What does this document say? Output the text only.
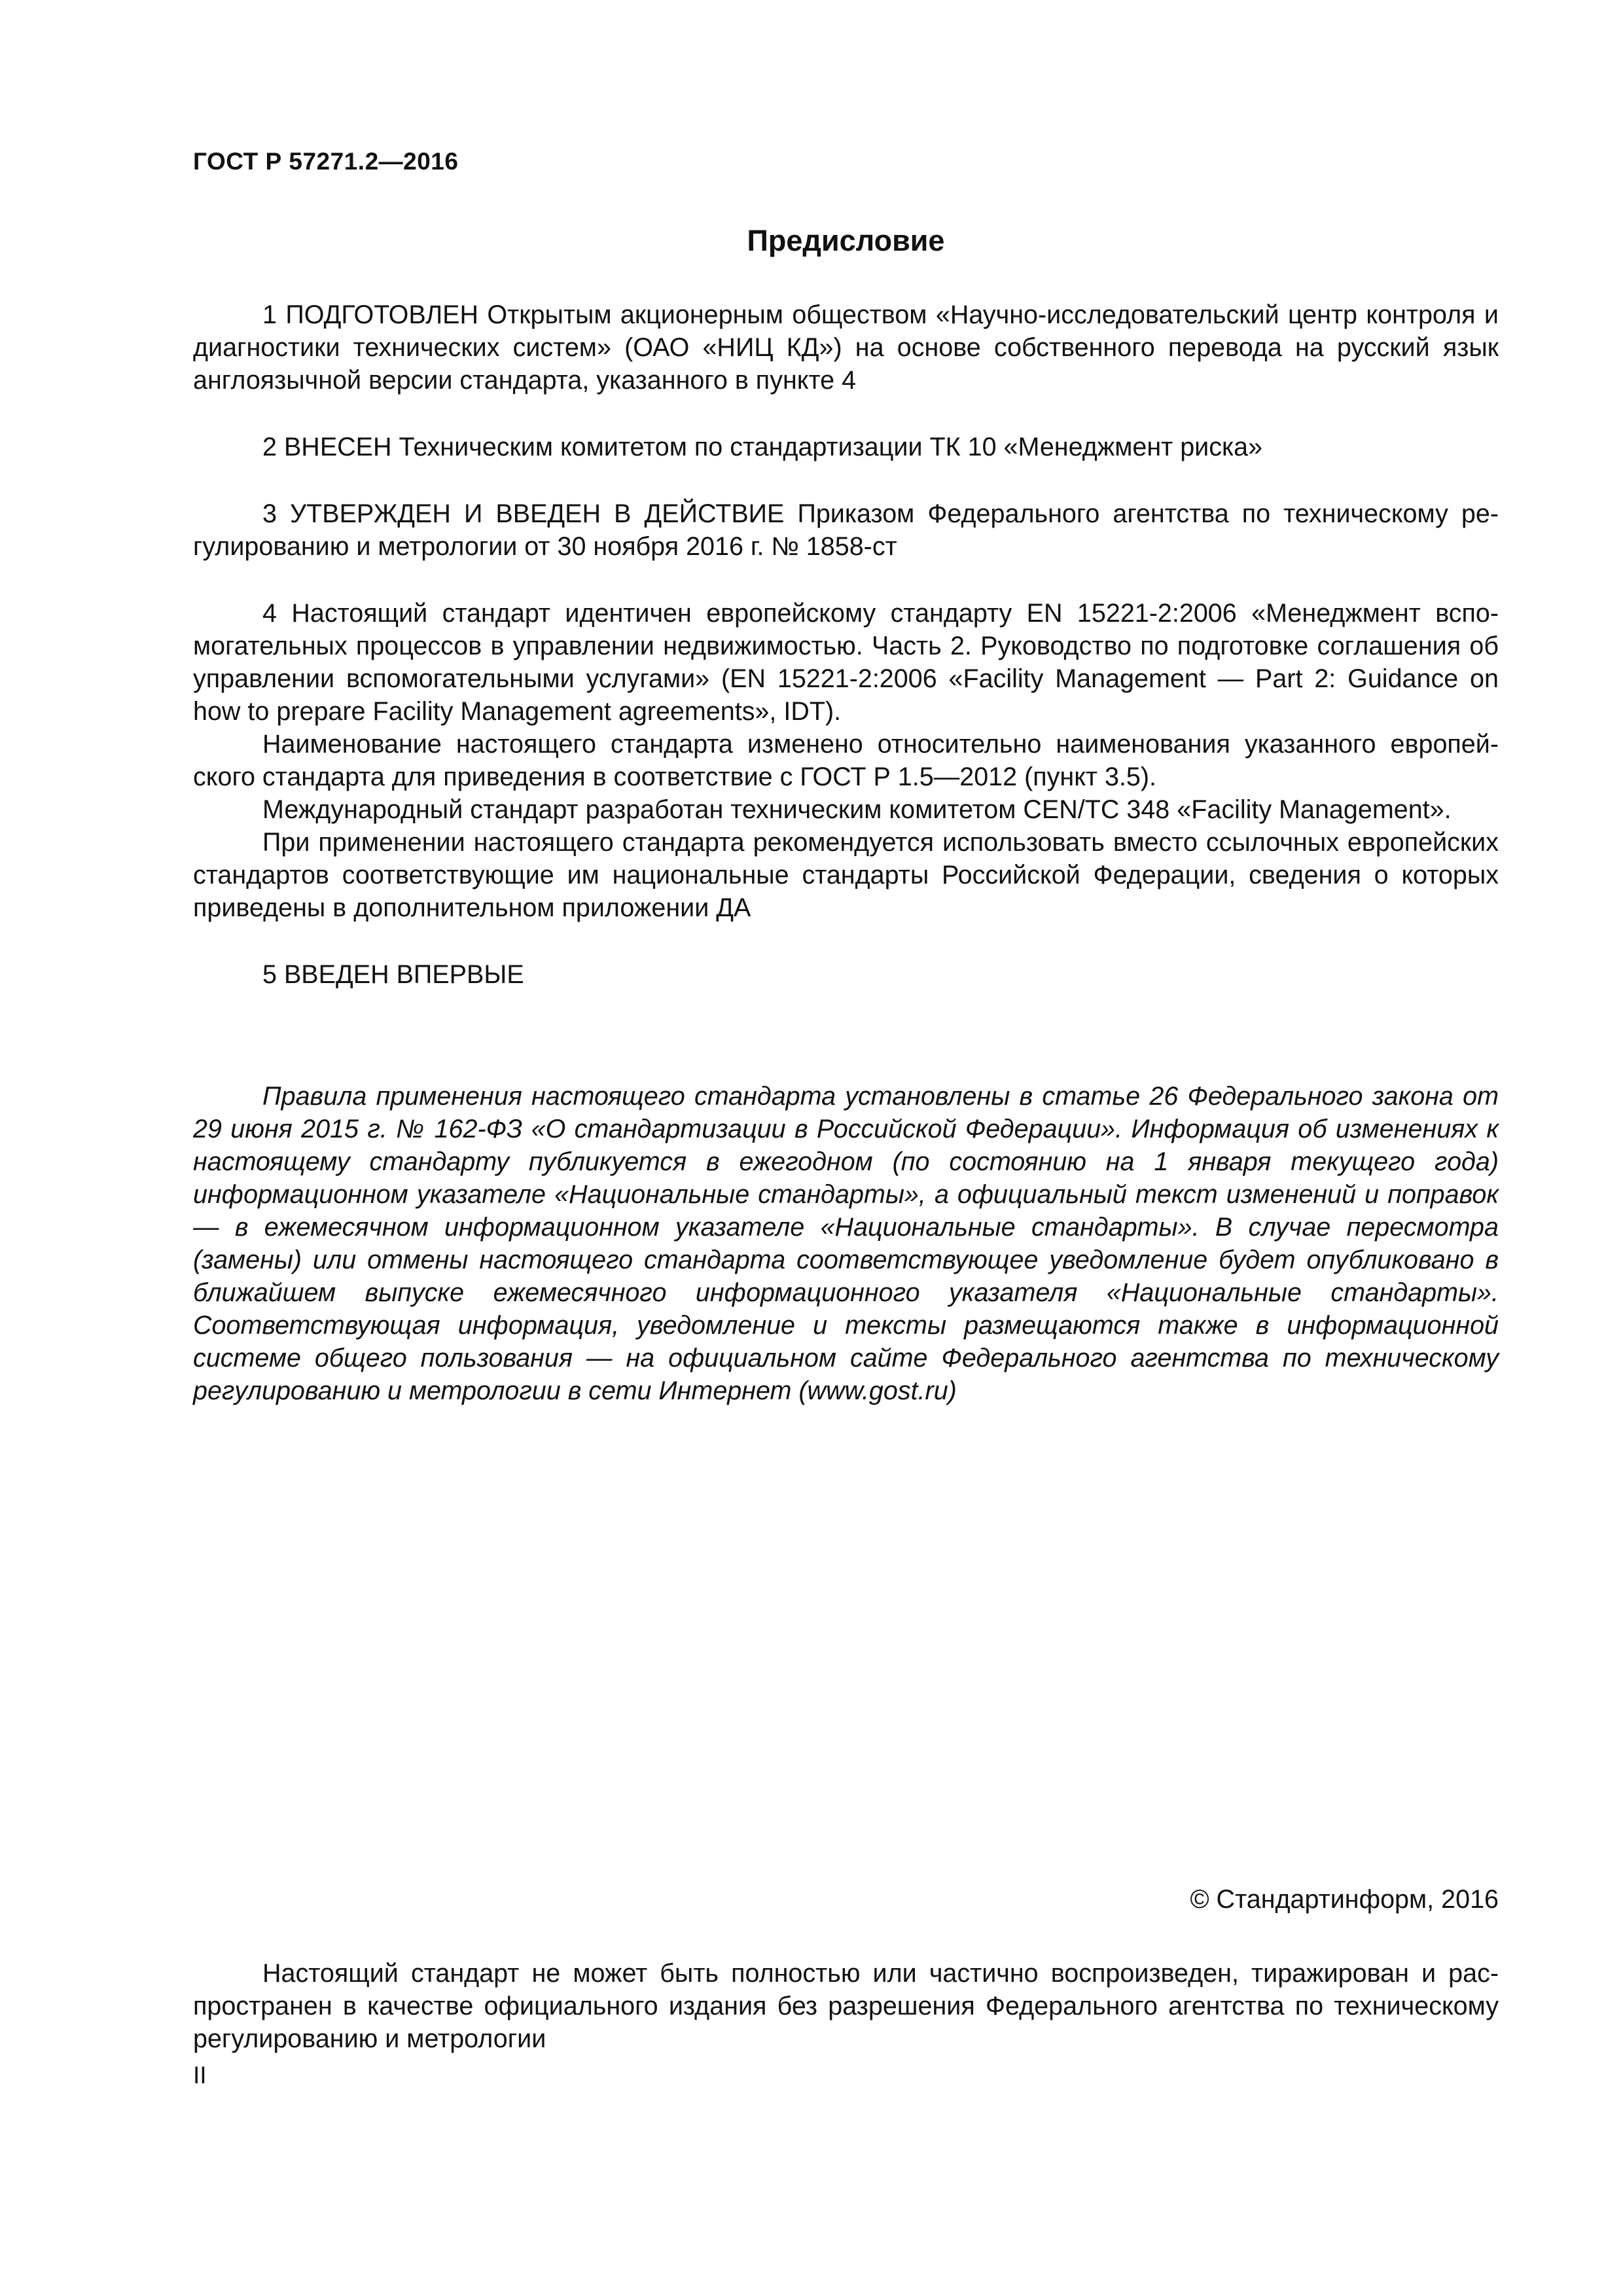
ГОСТ Р 57271.2—2016
Предисловие

1 ПОДГОТОВЛЕН Открытым акционерным обществом «Научно-исследовательский центр контроля и диагностики технических систем» (ОАО «НИЦ КД») на основе собственного перевода на русский язык англоязычной версии стандарта, указанного в пункте 4

2 ВНЕСЕН Техническим комитетом по стандартизации ТК 10 «Менеджмент риска»

3 УТВЕРЖДЕН И ВВЕДЕН В ДЕЙСТВИЕ Приказом Федерального агентства по техническому регулированию и метрологии от 30 ноября 2016 г. № 1858-ст

4 Настоящий стандарт идентичен европейскому стандарту EN 15221-2:2006 «Менеджмент вспомогательных процессов в управлении недвижимостью. Часть 2. Руководство по подготовке соглашения об управлении вспомогательными услугами» (EN 15221-2:2006 «Facility Management — Part 2: Guidance on how to prepare Facility Management agreements», IDT).

Наименование настоящего стандарта изменено относительно наименования указанного европейского стандарта для приведения в соответствие с ГОСТ Р 1.5—2012 (пункт 3.5).

Международный стандарт разработан техническим комитетом CEN/TC 348 «Facility Management».

При применении настоящего стандарта рекомендуется использовать вместо ссылочных европейских стандартов соответствующие им национальные стандарты Российской Федерации, сведения о которых приведены в дополнительном приложении ДА

5 ВВЕДЕН ВПЕРВЫЕ

Правила применения настоящего стандарта установлены в статье 26 Федерального закона от 29 июня 2015 г. № 162-ФЗ «О стандартизации в Российской Федерации». Информация об изменениях к настоящему стандарту публикуется в ежегодном (по состоянию на 1 января текущего года) информационном указателе «Национальные стандарты», а официальный текст изменений и поправок — в ежемесячном информационном указателе «Национальные стандарты». В случае пересмотра (замены) или отмены настоящего стандарта соответствующее уведомление будет опубликовано в ближайшем выпуске ежемесячного информационного указателя «Национальные стандарты». Соответствующая информация, уведомление и тексты размещаются также в информационной системе общего пользования — на официальном сайте Федерального агентства по техническому регулированию и метрологии в сети Интернет (www.gost.ru)

© Стандартинформ, 2016

Настоящий стандарт не может быть полностью или частично воспроизведен, тиражирован и распространен в качестве официального издания без разрешения Федерального агентства по техническому регулированию и метрологии

II
